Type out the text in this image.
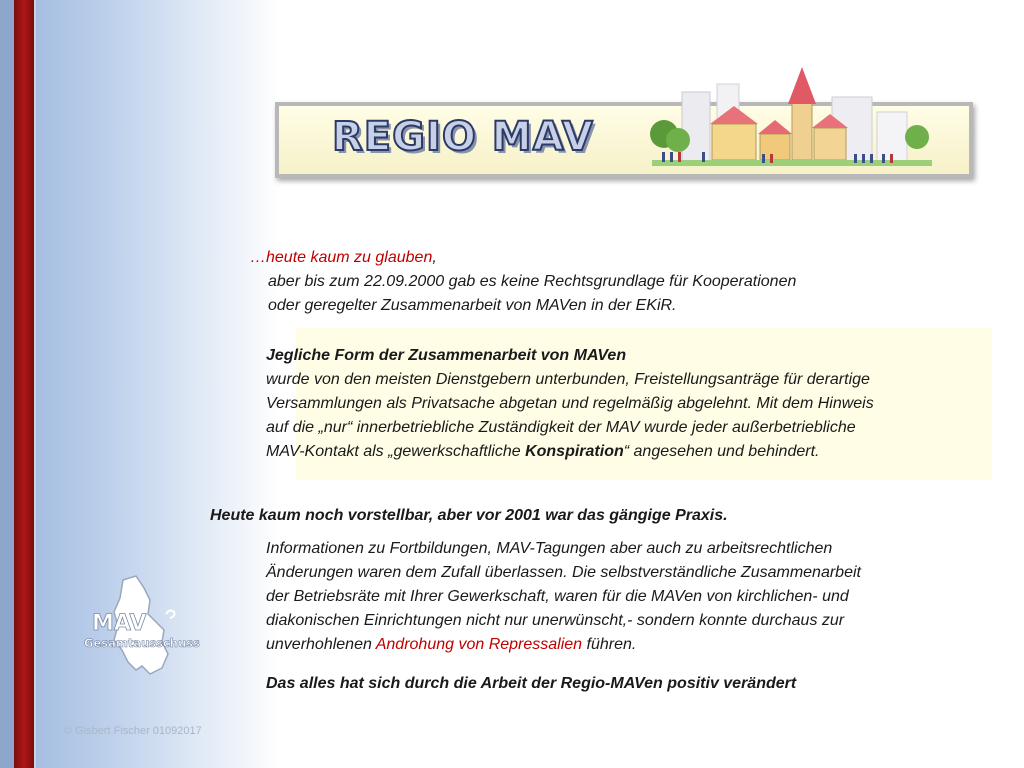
REGIO MAV
…heute kaum zu glauben,
aber bis zum 22.09.2000 gab es keine Rechtsgrundlage für Kooperationen
oder geregelter Zusammenarbeit von MAVen in der EKiR.
Jegliche Form der Zusammenarbeit von MAVen
wurde von den meisten Dienstgebern unterbunden, Freistellungsanträge für derartige
Versammlungen als Privatsache abgetan und regelmäßig abgelehnt. Mit dem Hinweis
auf die „nur“ innerbetriebliche Zuständigkeit der MAV wurde jeder außerbetriebliche
MAV-Kontakt als „gewerkschaftliche Konspiration“ angesehen und behindert.
Heute kaum noch vorstellbar, aber vor 2001 war das gängige Praxis.
Informationen zu Fortbildungen, MAV-Tagungen aber auch zu arbeitsrechtlichen
Änderungen waren dem Zufall überlassen. Die selbstverständliche Zusammenarbeit
der Betriebsräte mit Ihrer Gewerkschaft, waren für die MAVen von kirchlichen- und
diakonischen Einrichtungen nicht nur unerwünscht,- sondern konnte durchaus zur
unverhohlenen Androhung von Repressalien führen.
Das alles hat sich durch die Arbeit der Regio-MAVen positiv verändert
MAV
Gesamtausschuss
© Gisbert Fischer 01092017
